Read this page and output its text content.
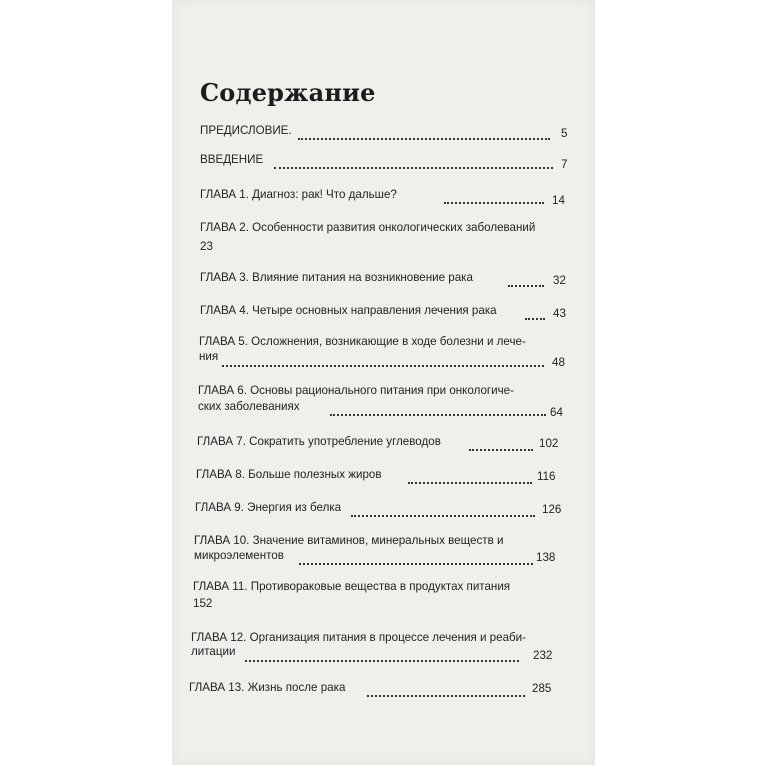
Содержание
ПРЕДИСЛОВИЕ.	5
ВВЕДЕНИЕ	7
ГЛАВА 1. Диагноз: рак! Что дальше?	14
ГЛАВА 2. Особенности развития онкологических заболеваний
23
ГЛАВА 3. Влияние питания на возникновение рака	32
ГЛАВА 4. Четыре основных направления лечения рака	43
ГЛАВА 5. Осложнения, возникающие в ходе болезни и лече-
ния	48
ГЛАВА 6. Основы рационального питания при онкологиче-
ских заболеваниях	64
ГЛАВА 7. Сократить употребление углеводов	102
ГЛАВА 8. Больше полезных жиров	116
ГЛАВА 9. Энергия из белка	126
ГЛАВА 10. Значение витаминов, минеральных веществ и
микроэлементов	138
ГЛАВА 11. Противораковые вещества в продуктах питания
152
ГЛАВА 12. Организация питания в процессе лечения и реаби-
литации	232
ГЛАВА 13. Жизнь после рака	285
